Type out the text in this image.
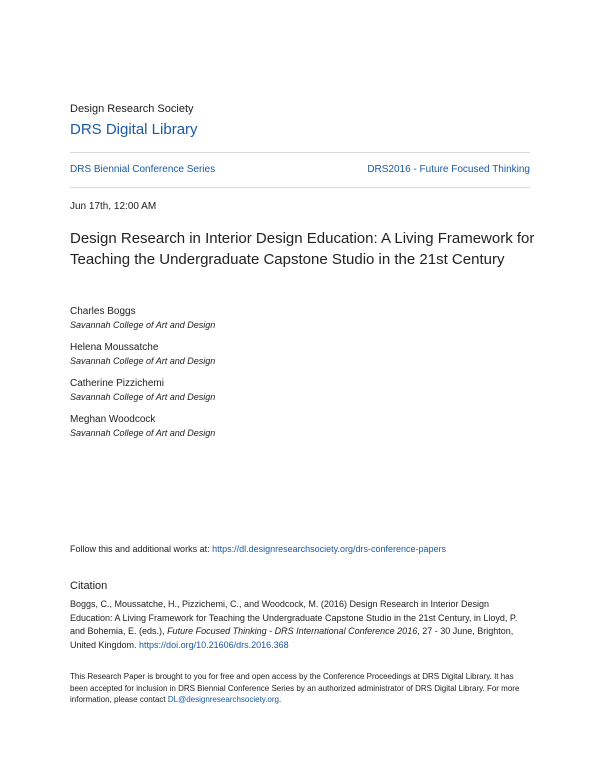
Design Research Society
DRS Digital Library
DRS Biennial Conference Series	DRS2016 - Future Focused Thinking
Jun 17th, 12:00 AM
Design Research in Interior Design Education: A Living Framework for Teaching the Undergraduate Capstone Studio in the 21st Century
Charles Boggs
Savannah College of Art and Design
Helena Moussatche
Savannah College of Art and Design
Catherine Pizzichemi
Savannah College of Art and Design
Meghan Woodcock
Savannah College of Art and Design
Follow this and additional works at: https://dl.designresearchsociety.org/drs-conference-papers
Citation
Boggs, C., Moussatche, H., Pizzichemi, C., and Woodcock, M. (2016) Design Research in Interior Design Education: A Living Framework for Teaching the Undergraduate Capstone Studio in the 21st Century, in Lloyd, P. and Bohemia, E. (eds.), Future Focused Thinking - DRS International Conference 2016, 27 - 30 June, Brighton, United Kingdom. https://doi.org/10.21606/drs.2016.368
This Research Paper is brought to you for free and open access by the Conference Proceedings at DRS Digital Library. It has been accepted for inclusion in DRS Biennial Conference Series by an authorized administrator of DRS Digital Library. For more information, please contact DL@designresearchsociety.org.
